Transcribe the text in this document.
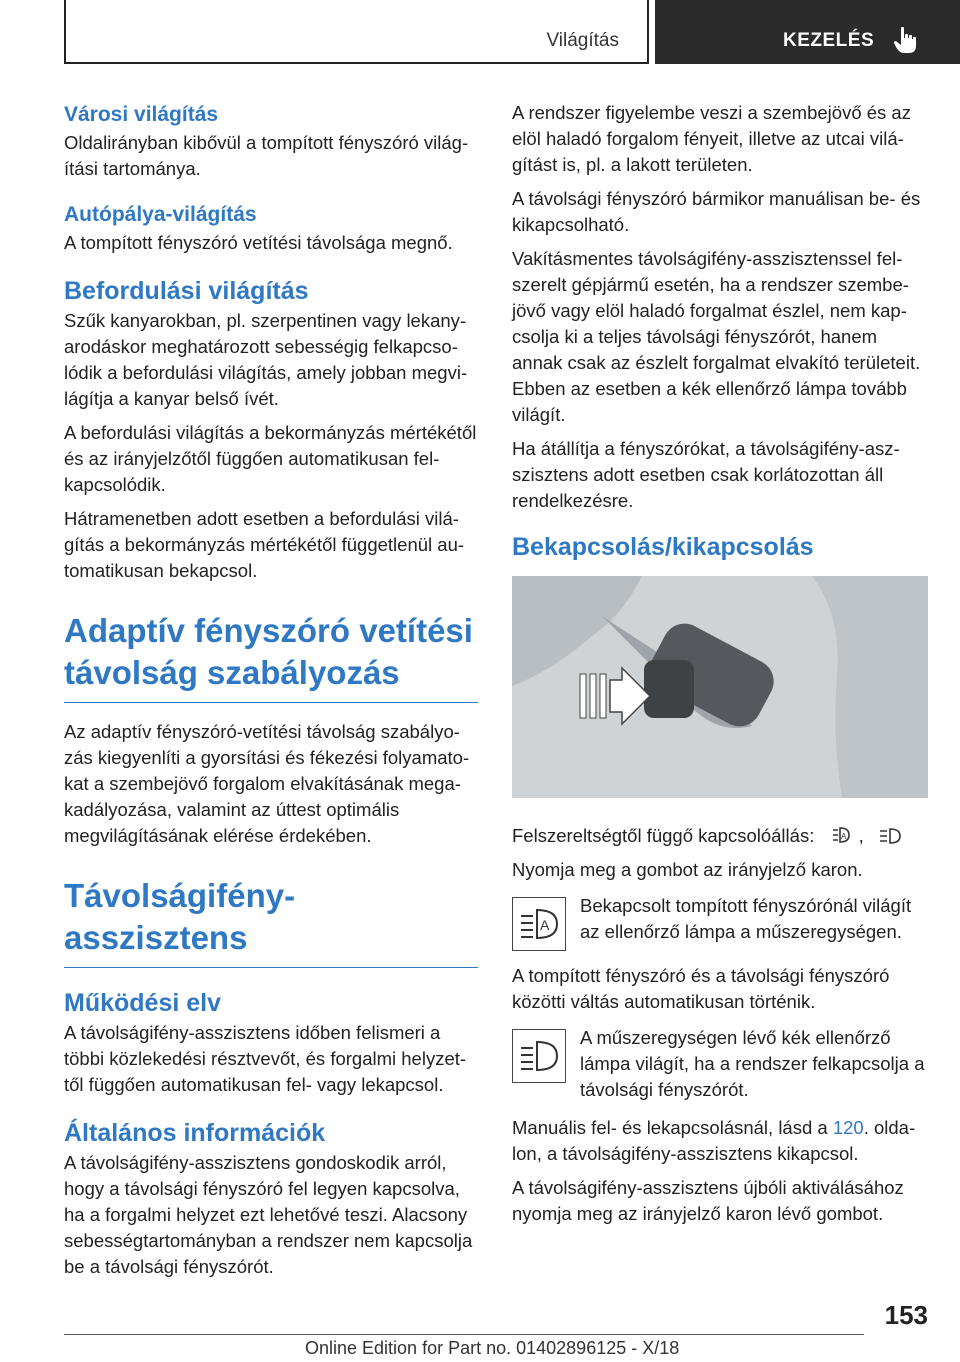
Világítás	KEZELÉS
Városi világítás

Oldalirányban kibővül a tompított fényszóró világítási tartománya.

Autópálya-világítás

A tompított fényszóró vetítési távolsága megnő.

Befordulási világítás

Szűk kanyarokban, pl. szerpentinen vagy lekanyarodáskor meghatározott sebességig felkapcsolódik a befordulási világítás, amely jobban megvilágítja a kanyar belső ívét.

A befordulási világítás a bekormányzás mértékétől és az irányjelzőtől függően automatikusan felkapcsolódik.

Hátramenetben adott esetben a befordulási világítás a bekormányzás mértékétől függetlenül automatikusan bekapcsol.

Adaptív fényszóró vetítési távolság szabályozás

Az adaptív fényszóró-vetítési távolság szabályozás kiegyenlíti a gyorsítási és fékezési folyamatokat a szembejövő forgalom elvakításának megakadályozása, valamint az úttest optimális megvilágításának elérése érdekében.

Távolságifény-asszisztens
Működési elv

A távolságifény-asszisztens időben felismeri a többi közlekedési résztvevőt, és forgalmi helyzettől függően automatikusan fel- vagy lekapcsol.

Általános információk

A távolságifény-asszisztens gondoskodik arról, hogy a távolsági fényszóró fel legyen kapcsolva, ha a forgalmi helyzet ezt lehetővé teszi. Alacsony sebességtartományban a rendszer nem kapcsolja be a távolsági fényszórót.

A rendszer figyelembe veszi a szembejövő és az elöl haladó forgalom fényeit, illetve az utcai világítást is, pl. a lakott területen.

A távolsági fényszóró bármikor manuálisan be- és kikapcsolható.

Vakításmentes távolságifény-asszisztenssel felszerelt gépjármű esetén, ha a rendszer szembejövő vagy elöl haladó forgalmat észlel, nem kapcsolja ki a teljes távolsági fényszórót, hanem annak csak az észlelt forgalmat elvakító területeit. Ebben az esetben a kék ellenőrző lámpa tovább világít.

Ha átállítja a fényszórókat, a távolságifény-aszszisztens adott esetben csak korlátozottan áll rendelkezésre.

Bekapcsolás/kikapcsolás

Felszereltségtől függő kapcsolóállás:	A ,

Nyomja meg a gombot az irányjelző karon.

A

Bekapcsolt tompított fényszórónál világít az ellenőrző lámpa a műszeregységen.

A tompított fényszóró és a távolsági fényszóró közötti váltás automatikusan történik.

A műszeregységen lévő kék ellenőrző lámpa világít, ha a rendszer felkapcsolja a távolsági fényszórót.

Manuális fel- és lekapcsolásnál, lásd a 120. oldalon, a távolságifény-asszisztens kikapcsol.

A távolságifény-asszisztens újbóli aktiválásához nyomja meg az irányjelző karon lévő gombot.

153
Online Edition for Part no. 01402896125 - X/18
